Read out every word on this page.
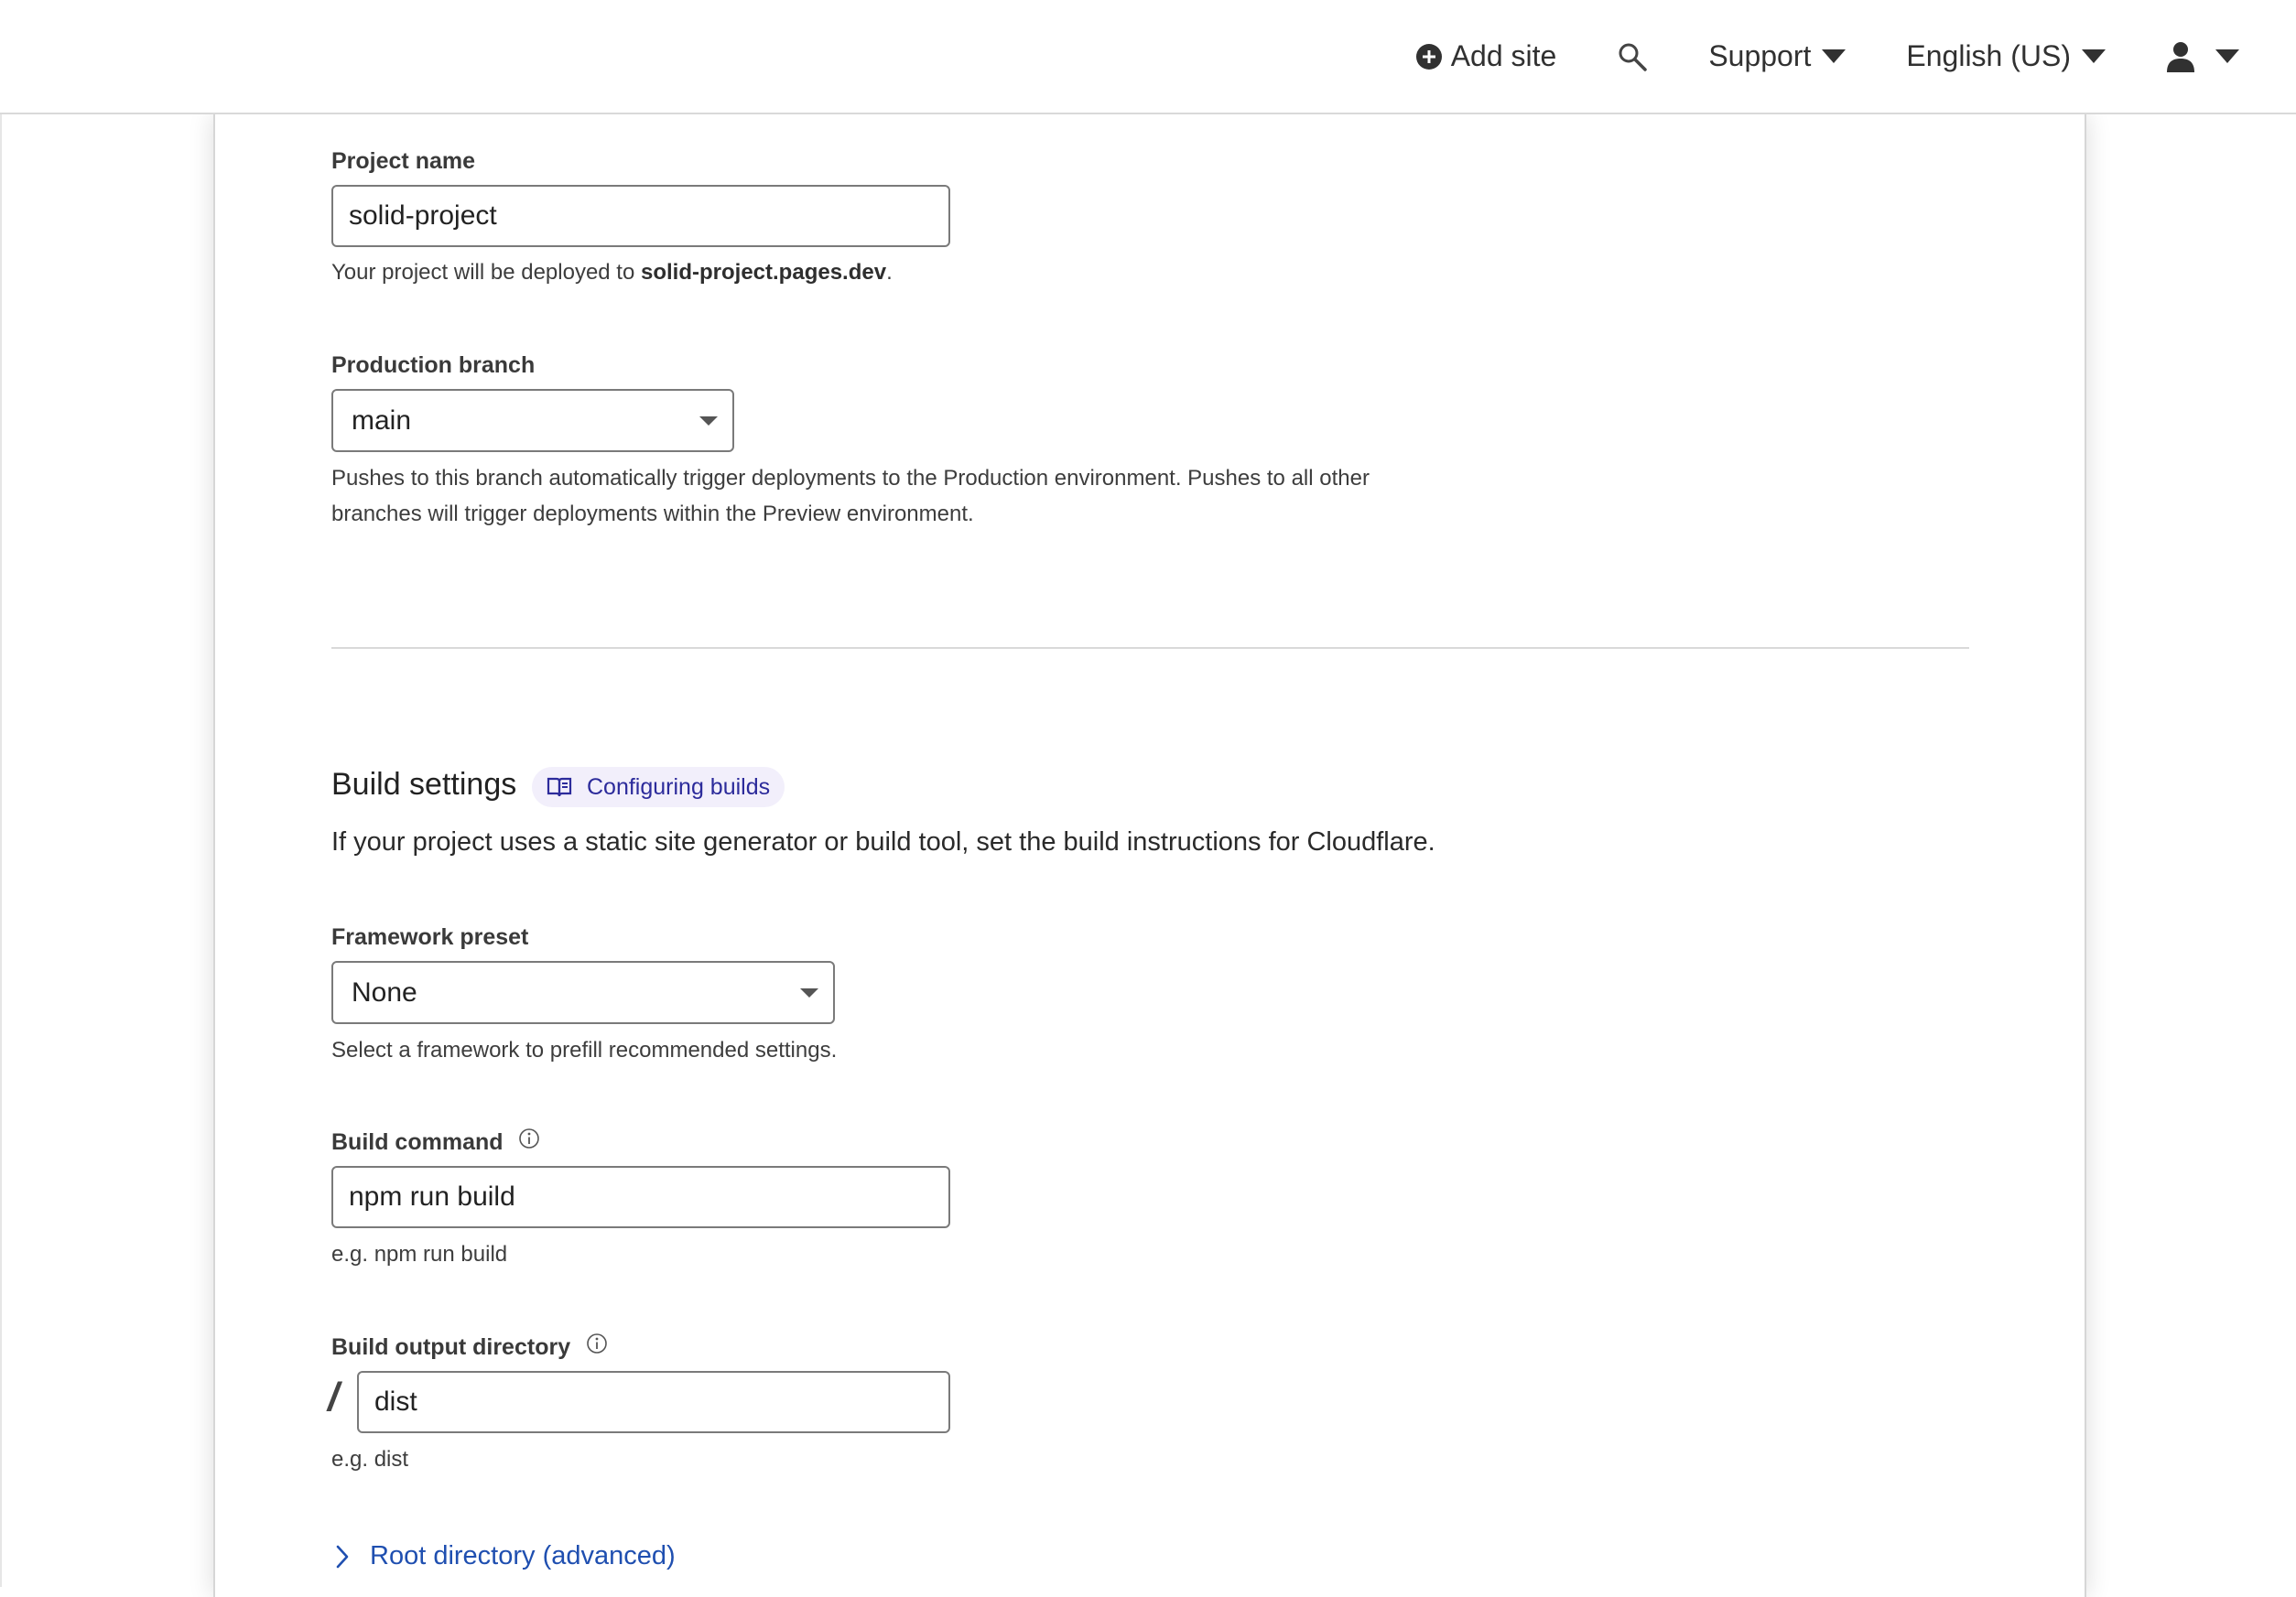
Add site	Support	English (US)
Project name
solid-project
Your project will be deployed to solid-project.pages.dev.
Production branch
main
Pushes to this branch automatically trigger deployments to the Production environment. Pushes to all other
branches will trigger deployments within the Preview environment.
Build settings	Configuring builds
If your project uses a static site generator or build tool, set the build instructions for Cloudflare.
Framework preset
None
Select a framework to prefill recommended settings.
Build command
npm run build
e.g. npm run build
Build output directory
/ dist
e.g. dist
Root directory (advanced)
